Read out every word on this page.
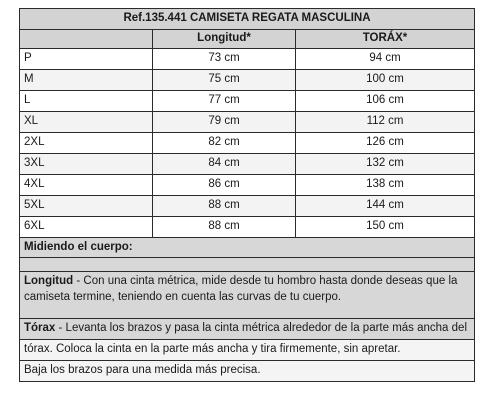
Ref.135.441 CAMISETA REGATA MASCULINA		
	Longitud*	TORÁX*
P	73 cm	94 cm
M	75 cm	100 cm
L	77 cm	106 cm
XL	79 cm	112 cm
2XL	82 cm	126 cm
3XL	84 cm	132 cm
4XL	86 cm	138 cm
5XL	88 cm	144 cm
6XL	88 cm	150 cm
Midiendo el cuerpo:		

Longitud - Con una cinta métrica, mide desde tu hombro hasta donde deseas que la camiseta termine, teniendo en cuenta las curvas de tu cuerpo.		
Tórax - Levanta los brazos y pasa la cinta métrica alrededor de la parte más ancha del		
tórax. Coloca la cinta en la parte más ancha y tira firmemente, sin apretar.		
Baja los brazos para una medida más precisa.		
